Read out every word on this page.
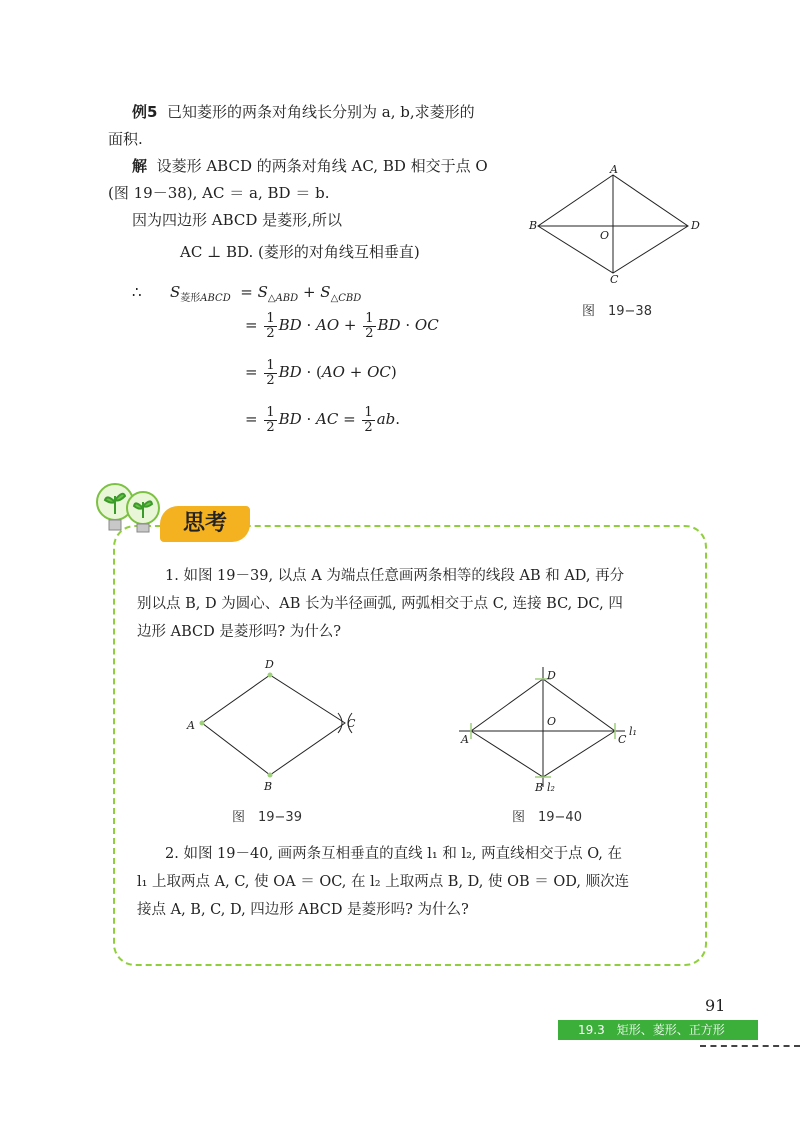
例5 已知菱形的两条对角线长分别为 a, b,求菱形的
面积.
解 设菱形 ABCD 的两条对角线 AC, BD 相交于点 O
(图 19－38), AC ＝ a, BD ＝ b.
因为四边形 ABCD 是菱形,所以
AC ⊥ BD. (菱形的对角线互相垂直)
∴ $S_{菱形ABCD} = S_{\triangle ABD} + S_{\triangle CBD}$
= $\frac{1}{2}$ BD · AO + $\frac{1}{2}$ BD · OC
= $\frac{1}{2}$ BD · (AO + OC)
= $\frac{1}{2}$ BD · AC = $\frac{1}{2}$ ab.
A
B
C
D
O
图　19−38
思考
1. 如图 19－39, 以点 A 为端点任意画两条相等的线段 AB 和 AD, 再分
别以点 B, D 为圆心、AB 长为半径画弧, 两弧相交于点 C, 连接 BC, DC, 四
边形 ABCD 是菱形吗? 为什么?
D
A
B
C
图　19−39
D
A	C
B
O
l₁
l₂
图　19−40
2. 如图 19－40, 画两条互相垂直的直线 l₁ 和 l₂, 两直线相交于点 O, 在
l₁ 上取两点 A, C, 使 OA ＝ OC, 在 l₂ 上取两点 B, D, 使 OB ＝ OD, 顺次连
接点 A, B, C, D, 四边形 ABCD 是菱形吗? 为什么?
91
19.3　矩形、菱形、正方形
